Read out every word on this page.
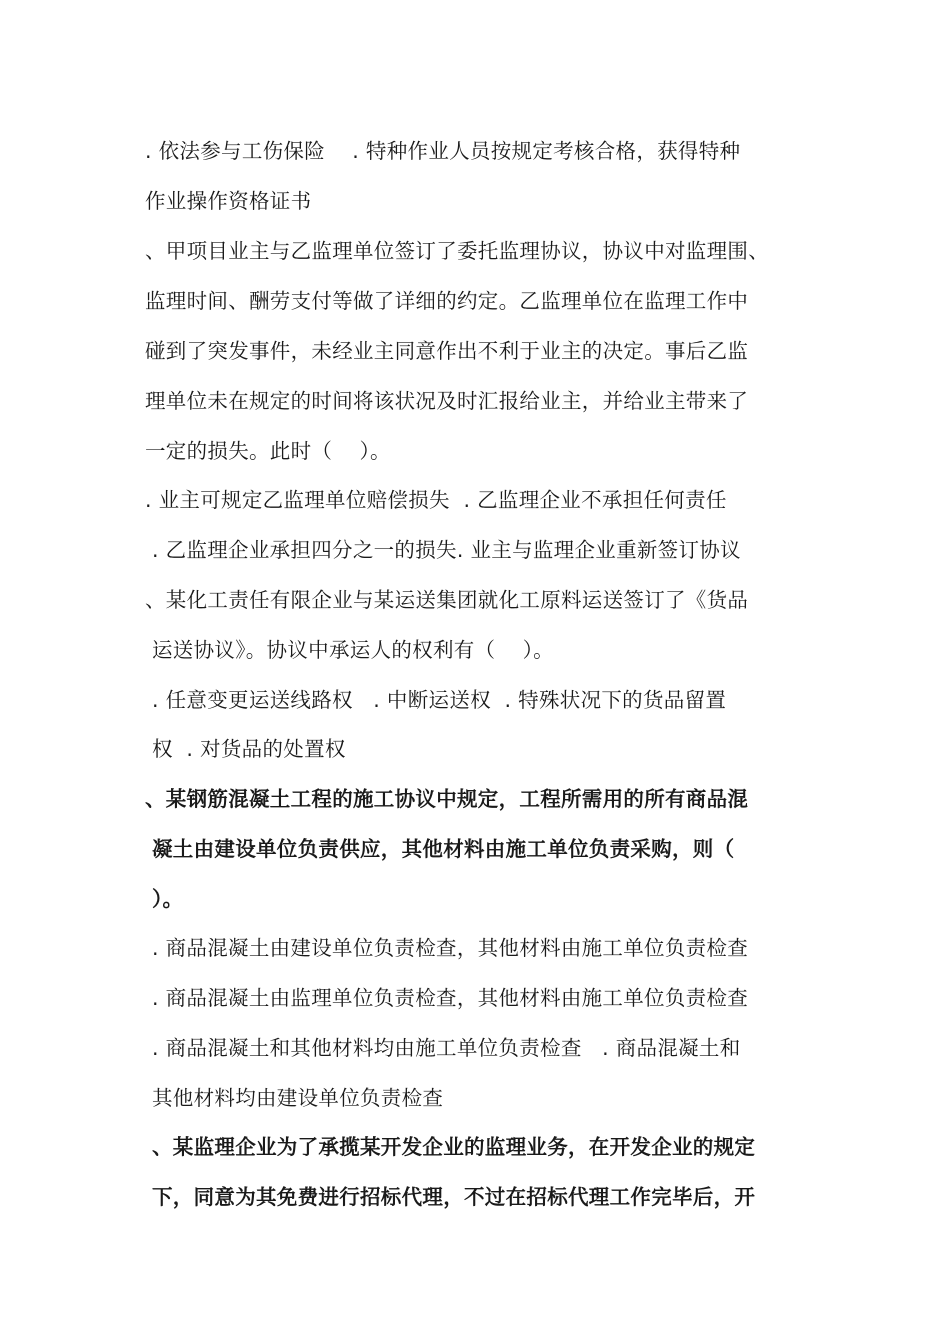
. 依法参与工伤保险    . 特种作业人员按规定考核合格，获得特种
作业操作资格证书
、甲项目业主与乙监理单位签订了委托监理协议，协议中对监理围、
监理时间、酬劳支付等做了详细的约定。乙监理单位在监理工作中
碰到了突发事件，未经业主同意作出不利于业主的决定。事后乙监
理单位未在规定的时间将该状况及时汇报给业主，并给业主带来了
一定的损失。此时（    ）。
. 业主可规定乙监理单位赔偿损失  . 乙监理企业不承担任何责任
. 乙监理企业承担四分之一的损失. 业主与监理企业重新签订协议
、某化工责任有限企业与某运送集团就化工原料运送签订了《货品
运送协议》。协议中承运人的权利有（    ）。
. 任意变更运送线路权   . 中断运送权  . 特殊状况下的货品留置
权  . 对货品的处置权
、某钢筋混凝土工程的施工协议中规定，工程所需用的所有商品混
凝土由建设单位负责供应，其他材料由施工单位负责采购，则（
）。
. 商品混凝土由建设单位负责检查，其他材料由施工单位负责检查
. 商品混凝土由监理单位负责检查，其他材料由施工单位负责检查
. 商品混凝土和其他材料均由施工单位负责检查   . 商品混凝土和
其他材料均由建设单位负责检查
、某监理企业为了承揽某开发企业的监理业务，在开发企业的规定
下，同意为其免费进行招标代理，不过在招标代理工作完毕后，开
